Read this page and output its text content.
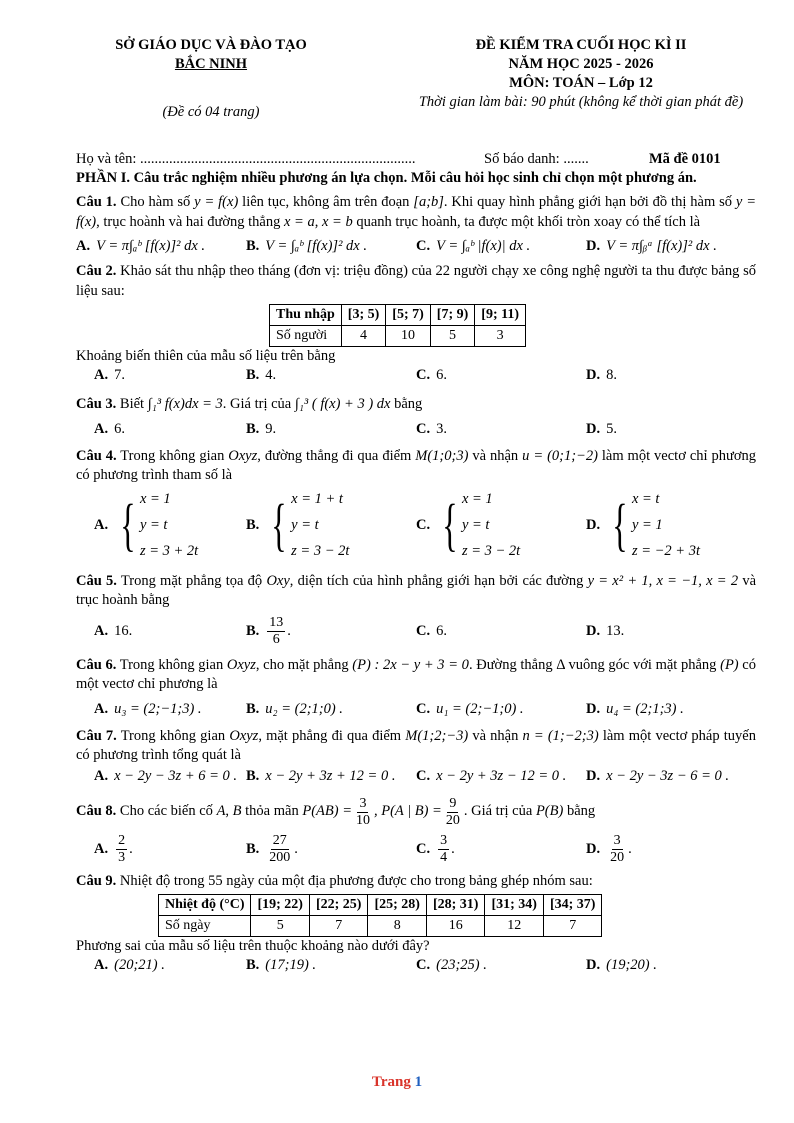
SỞ GIÁO DỤC VÀ ĐÀO TẠO
BẮC NINH
(Đề có 04 trang)
ĐỀ KIỂM TRA CUỐI HỌC KÌ II
NĂM HỌC 2025 - 2026
MÔN: TOÁN – Lớp 12
Thời gian làm bài: 90 phút (không kể thời gian phát đề)
Họ và tên: ............................................................................	Số báo danh: .......	Mã đề 0101
PHẦN I. Câu trắc nghiệm nhiều phương án lựa chọn. Mỗi câu hỏi học sinh chỉ chọn một phương án.
Câu 1. Cho hàm số y = f(x) liên tục, không âm trên đoạn [a;b]. Khi quay hình phẳng giới hạn bởi đồ thị hàm số y = f(x), trục hoành và hai đường thẳng x = a, x = b quanh trục hoành, ta được một khối tròn xoay có thể tích là
A. V = π∫ₐᵇ [f(x)]² dx .	B. V = ∫ₐᵇ [f(x)]² dx .	C. V = ∫ₐᵇ |f(x)| dx .	D. V = π∫ᵦᵃ [f(x)]² dx .
Câu 2. Khảo sát thu nhập theo tháng (đơn vị: triệu đồng) của 22 người chạy xe công nghệ người ta thu được bảng số liệu sau:
Thu nhập	[3; 5)	[5; 7)	[7; 9)	[9; 11)
Số người	4	10	5	3
Khoảng biến thiên của mẫu số liệu trên bằng
A. 7.	B. 4.	C. 6.	D. 8.
Câu 3. Biết ∫₁³ f(x)dx = 3. Giá trị của ∫₁³ ( f(x) + 3 ) dx bằng
A. 6.	B. 9.	C. 3.	D. 5.
Câu 4. Trong không gian Oxyz, đường thẳng đi qua điểm M(1;0;3) và nhận u = (0;1;−2) làm một vectơ chỉ phương có phương trình tham số là
A. { x = 1
y = t
z = 3 + 2t
B. { x = 1 + t
y = t
z = 3 − 2t
C. { x = 1
y = t
z = 3 − 2t
D. { x = t
y = 1
z = −2 + 3t
Câu 5. Trong mặt phẳng tọa độ Oxy, diện tích của hình phẳng giới hạn bởi các đường y = x² + 1, x = −1, x = 2 và trục hoành bằng
A. 16.	B. $\frac{13}{6}$ .	C. 6.	D. 13.
Câu 6. Trong không gian Oxyz, cho mặt phẳng (P) : 2x − y + 3 = 0. Đường thẳng Δ vuông góc với mặt phẳng (P) có một vectơ chỉ phương là
A. u₃ = (2;−1;3) .	B. u₂ = (2;1;0) .	C. u₁ = (2;−1;0) .	D. u₄ = (2;1;3) .
Câu 7. Trong không gian Oxyz, mặt phẳng đi qua điểm M(1;2;−3) và nhận n = (1;−2;3) làm một vectơ pháp tuyến có phương trình tổng quát là
A. x − 2y − 3z + 6 = 0 . B. x − 2y + 3z + 12 = 0 . C. x − 2y + 3z − 12 = 0 . D. x − 2y − 3z − 6 = 0 .
Câu 8. Cho các biến cố A , B thỏa mãn $P(AB) = \frac{3}{10}$ , P(A | $B) = \frac{9}{20}$ . Giá trị của P(B) bằng
A. $\frac{2}{3}$ .	B. $\frac{27}{200}$ .	C. $\frac{3}{4}$ .	D. $\frac{3}{20}$ .
Câu 9. Nhiệt độ trong 55 ngày của một địa phương được cho trong bảng ghép nhóm sau:
Nhiệt độ (°C)	[19; 22)	[22; 25)	[25; 28)	[28; 31)	[31; 34)	[34; 37)
Số ngày	5	7	8	16	12	7
Phương sai của mẫu số liệu trên thuộc khoảng nào dưới đây?
A. (20;21) .	B. (17;19) .	C. (23;25) .	D. (19;20) .
Trang 1
